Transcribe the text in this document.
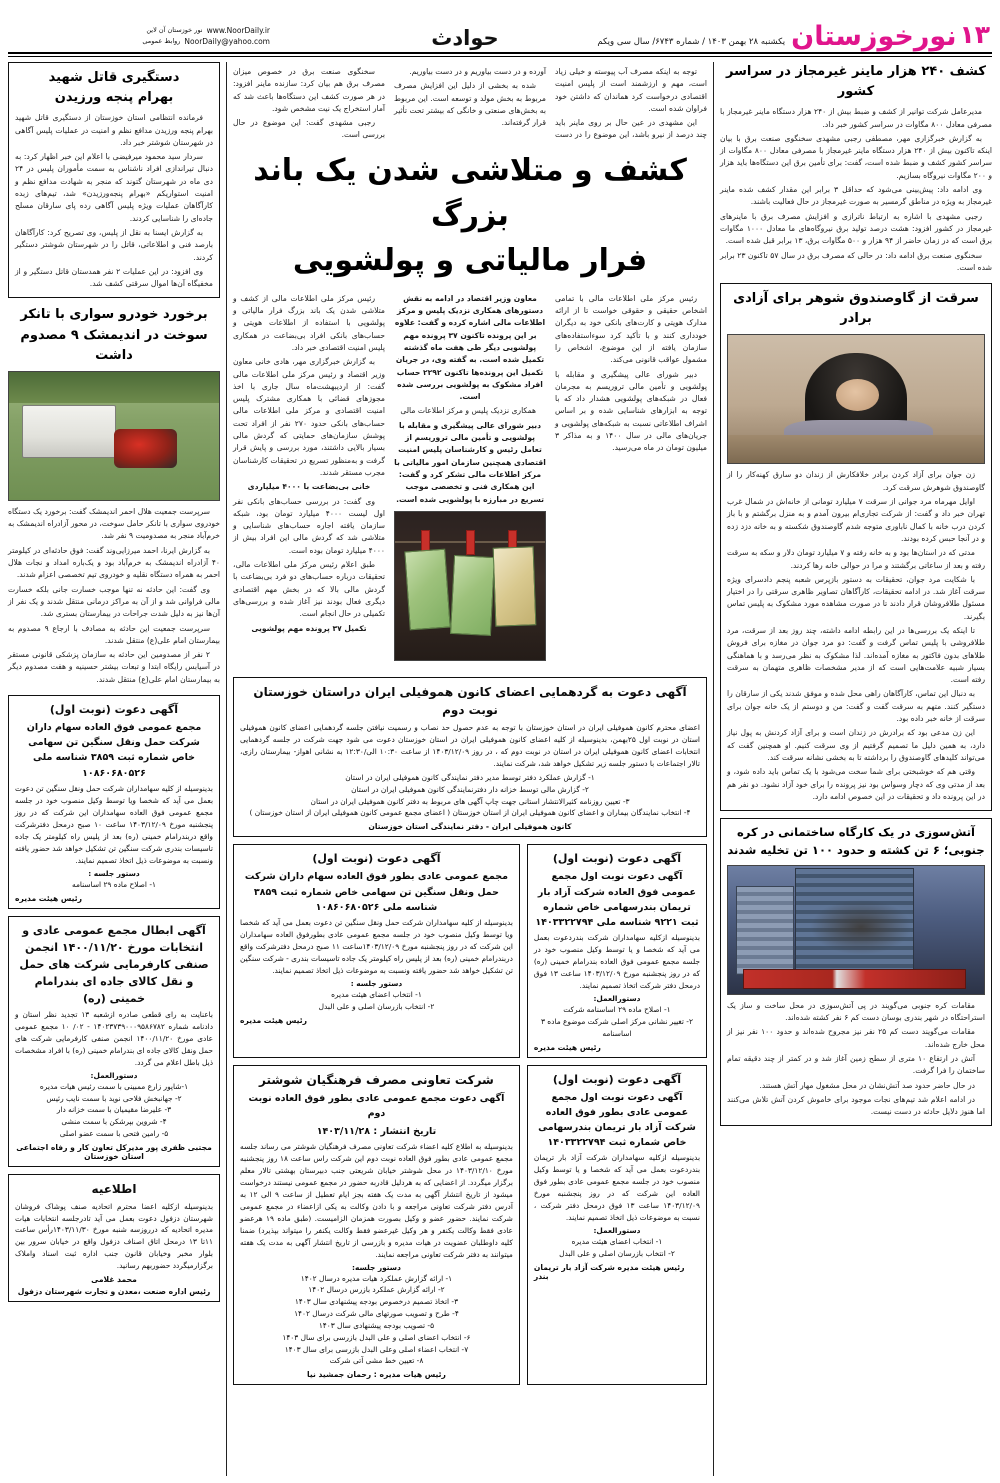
۱۳
نورخوزستان
یکشنبه ۲۸ بهمن ۱۴۰۳ / شماره ۶۷۴۳/ سال سی ویکم
حوادث
نور خوزستان آن لاین www.NoorDaily.ir
روابط عمومی NoorDaily@yahoo.com
کشف ۲۴۰ هزار ماینر غیرمجاز در سراسر کشور

مدیرعامل شرکت توانیر از کشف و ضبط بیش از ۲۴۰ هزار دستگاه ماینر غیرمجاز با مصرفی معادل ۸۰۰ مگاوات در سراسر کشور خبر داد.

به گزارش خبرگزاری مهر، مصطفی رجبی مشهدی سخنگوی صنعت برق با بیان اینکه تاکنون بیش از ۲۴۰ هزار دستگاه ماینر غیرمجاز با مصرفی معادل ۸۰۰ مگاوات از سراسر کشور کشف و ضبط شده است، گفت: برای تأمین برق این دستگاه‌ها باید هزار و ۲۰۰ مگاوات نیروگاه بسازیم.

وی ادامه داد: پیش‌بینی می‌شود که حداقل ۳ برابر این مقدار کشف شده ماینر غیرمجاز به ویژه در مناطق گرمسیر به صورت غیرمجاز در حال فعالیت باشند.

رجبی مشهدی با اشاره به ارتباط ناترازی و افزایش مصرف برق با ماینرهای غیرمجاز در کشور افزود: هشت درصد تولید برق نیروگاه‌های ما معادل ۱۰۰۰ مگاوات برق است که در زمان حاضر از ۹۴ هزار و ۵۰۰ مگاوات برق، ۱۳ برابر قبل شده است.

سخنگوی صنعت برق ادامه داد: در حالی که مصرف برق در سال ۵۷ تاکنون ۲۳ برابر شده است.

سرقت از گاوصندوق شوهر برای آزادی برادر

زن جوان برای آزاد کردن برادر خلافکارش از زندان دو سارق کهنه‌کار را از گاوصندوق شوهرش سرقت کرد.

اوایل مهرماه مرد جوانی از سرقت ۷ میلیارد تومانی از خانه‌اش در شمال غرب تهران خبر داد و گفت: از شرکت تجاری‌ام بیرون آمدم و به منزل برگشتم و با باز کردن درب خانه با کمال ناباوری متوجه شدم گاوصندوق شکسته و به خانه دزد زده و در آنجا حبس کرده بودند.

مدتی که در استان‌ها بود و به خانه رفته و ۷ میلیارد تومان دلار و سکه به سرقت رفته و بعد از ساعاتی برگشتند و مرا در حوالی خانه رها کردند.

با شکایت مرد جوان، تحقیقات به دستور بازپرس شعبه پنجم دادسرای ویژه سرقت آغاز شد. در ادامه تحقیقات، کارآگاهان تصاویر ظاهری سرقتی را در اختیار مسئول طلافروشان قرار دادند تا در صورت مشاهده مورد مشکوک به پلیس تماس بگیرند.

تا اینکه یک بررسی‌ها در این رابطه ادامه داشته، چند روز بعد از سرقت، مرد طلافروشی با پلیس تماس گرفت و گفت: دو مرد جوان در مغازه برای فروش طلاهای بدون فاکتور به مغازه آمده‌اند. لذا مشکوک به نظر می‌رسد و با هماهنگی بسیار شبیه علامت‌هایی است که از مدیر مشخصات ظاهری متهمان به سرقت رفته است.

به دنبال این تماس، کارآگاهان راهی محل شده و موفق شدند یکی از سارقان را دستگیر کنند. متهم به سرقت گفت و گفت: من و دوستم از یک خانه جوان برای سرقت از خانه خبر داده بود.

این زن مدعی بود که برادرش در زندان است و برای آزاد کردنش به پول نیاز دارد، به همین دلیل ما تصمیم گرفتیم از وی سرقت کنیم. او همچنین گفت که می‌تواند کلیدهای گاوصندوق را برداشته تا به بخشی نشانه سرقت کند.

وقتی هم که خوشبختی برای شما سخت می‌شود با یک تماس باید داده شود، و بعد از مدتی وی که دچار وسواس بود نیز پرونده را برای خود آزاد نشود. دو نفر هم در این پرونده داد و تحقیقات در این خصوص ادامه دارد.

آتش‌سوزی در یک کارگاه ساختمانی در کره جنوبی؛ ۶ تن کشته و حدود ۱۰۰ تن تخلیه شدند

مقامات کره جنوبی می‌گویند در پی آتش‌سوزی در محل ساخت و ساز یک استراحتگاه در شهر بندری بوسان دست کم ۶ نفر کشته شده‌اند.

مقامات می‌گویند دست کم ۲۵ نفر نیز مجروح شده‌اند و حدود ۱۰۰ نفر نیز از محل خارج شده‌اند.

آتش در ارتفاع ۱۰ متری از سطح زمین آغاز شد و در کمتر از چند دقیقه تمام ساختمان را فرا گرفت.

در حال حاضر حدود صد آتش‌نشان در محل مشغول مهار آتش هستند.

در ادامه اعلام شد تیم‌های نجات موجود برای خاموش کردن آتش تلاش می‌کنند اما هنوز دلایل حادثه در دست نیست.

توجه به اینکه مصرف آب پیوسته و خیلی زیاد است، مهم و ارزشمند است از پلیس امنیت اقتصادی درخواست کرد هماندان که داشتن خود فراوان شده است.

این مشهدی در عین حال بر روی ماینر باید چند درصد از نیرو باشد، این موضوع را در دست آورده و در دست بیاوریم و در دست بیاوریم.

شده به بخشی از دلیل این افزایش مصرف مربوط به بخش مولد و توسعه است. این مربوط به بخش‌های صنعتی و خانگی که بیشتر تحت تأثیر قرار گرفته‌اند.

سخنگوی صنعت برق در خصوص میزان مصرف برق هم بیان کرد: سازنده ماینر افزود: در هر صورت کشف این دستگاه‌ها باعث شد که آمار استخراج یک نیت مشخص شود.

رجبی مشهدی گفت: این موضوع در حال بررسی است.

کشف و متلاشی شدن یک باند بزرگ
فرار مالیاتی و پولشویی

رئیس مرکز ملی اطلاعات مالی با تمامی اشخاص حقیقی و حقوقی خواست تا از ارائه مدارک هویتی و کارت‌های بانکی خود به دیگران خودداری کنند و با تأکید کرد سوءاستفاده‌های سازمان یافته از این موضوع، اشخاص را مشمول عواقب قانونی می‌کند.

دبیر شورای عالی پیشگیری و مقابله با پولشویی و تأمین مالی تروریسم به مجرمان فعال در شبکه‌های پولشویی هشدار داد که با توجه به ابزارهای شناسایی شده و بر اساس اشراف اطلاعاتی نسبت به شبکه‌های پولشویی و جریان‌های مالی در سال ۱۴۰۰ و به مذاکر ۳ میلیون تومان در ماه می‌رسید.

معاون وزیر اقتصاد در ادامه به نقش دستورهای همکاری نزدیک پلیس و مرکز اطلاعات مالی اشاره کرده و گفت: علاوه بر این پرونده تاکنون ۳۷ پرونده مهم پولشویی دیگر طی هفت ماه گذشته تکمیل شده است. به گفته وی، در جریان تکمیل این پرونده‌ها تاکنون ۲۲۹۲ حساب افراد مشکوک به پولشویی بررسی شده است.

همکاری نزدیک پلیس و مرکز اطلاعات مالی

دبیر شورای عالی پیشگیری و مقابله با پولشویی و تأمین مالی تروریسم از تعامل رئیس و کارشناسان پلیس امنیت اقتصادی همچنین سازمان امور مالیاتی با مرکز اطلاعات مالی تشکر کرد و گفت: این همکاری فنی و تخصصی موجب تسریع در مبارزه با پولشویی شده است.

رئیس مرکز ملی اطلاعات مالی از کشف و متلاشی شدن یک باند بزرگ فرار مالیاتی و پولشویی با استفاده از اطلاعات هویتی و حساب‌های بانکی افراد بی‌بضاعت در همکاری پلیس امنیت اقتصادی خبر داد.

به گزارش خبرگزاری مهر، هادی خانی معاون وزیر اقتصاد و رئیس مرکز ملی اطلاعات مالی گفت: از اردیبهشت‌ماه سال جاری با اخذ مجوزهای قضائی با همکاری مشترک پلیس امنیت اقتصادی و مرکز ملی اطلاعات مالی حساب‌های بانکی حدود ۲۷۰ نفر از افراد تحت پوشش سازمان‌های حمایتی که گردش مالی بسیار بالایی داشتند، مورد بررسی و پایش قرار گرفت و به‌منظور تسریع در تحقیقات کارشناسان مجرب مستقر شدند.

خانی بی‌بضاعت با ۴۰۰۰ میلیاردی

وی گفت: در بررسی حساب‌های بانکی نفر اول لیست ۴۰۰۰ میلیارد تومان بود، شبکه سازمان یافته اجاره حساب‌های شناسایی و متلاشی شد که گردش مالی این افراد بیش از ۴۰۰۰ میلیارد تومان بوده است.

طبق اعلام رئیس مرکز ملی اطلاعات مالی، تحقیقات درباره حساب‌های دو فرد بی‌بضاعت با گردش مالی بالا که در بخش مهم اقتصادی دیگری فعال بودند نیز آغاز شده و بررسی‌های تکمیلی در حال انجام است.

تکمیل ۳۷ پرونده مهم پولشویی

آگهی دعوت به گردهمایی اعضای کانون هموفیلی ایران دراستان خوزستان نوبت دوم

اعضای محترم کانون هموفیلی ایران در استان خوزستان با توجه به عدم حصول حد نصاب و رسمیت نیافتن جلسه گردهمایی اعضای کانون هموفیلی استان در نوبت اول ۲۵بهمن، بدینوسیله از کلیه اعضای کانون هموفیلی ایران در استان خوزستان دعوت می شود جهت شرکت در جلسه گردهمایی انتخابات اعضای کانون هموفیلی ایران در استان در نوبت دوم که ، در روز ۱۴۰۳/۱۲/۰۹ از ساعت ۱۰:۳۰ الی/۱۲:۳۰ به نشانی اهواز- بیمارستان رازی، تالار اجتماعات با دستور جلسه زیر تشکیل خواهد شد، شرکت نمایند.

۱- گزارش عملکرد دفتر توسط مدیر دفتر نمایندگی کانون هموفیلی ایران در استان
۲- گزارش مالی توسط خزانه دار دفترنمایندگی کانون هموفیلی ایران در استان
۳- تعیین روزنامه کثیرالانتشار استانی جهت چاپ آگهی های مربوط به دفتر کانون هموفیلی ایران در استان
۴- انتخاب نمایندگان بیماران و اعضای کانون هموفیلی ایران از استان خوزستان ( اعضای مجمع عمومی کانون هموفیلی ایران از استان خوزستان )
کانون هموفیلی ایران - دفتر نمایندگی استان خوزستان
آگهی دعوت (نوبت اول)
آگهی دعوت نوبت اول مجمع عمومی فوق العاده شرکت آزاد بار تریمان بندرسهامی خاص شماره ثبت ۹۲۲۱ شناسه ملی ۱۴۰۳۳۲۲۷۹۴

بدینوسیله ازکلیه سهامداران شرکت بندردعوت بعمل می آید که شخصا و یا توسط وکیل منصوب خود در جلسه مجمع عمومی فوق العاده بندرامام خمینی (ره) که در روز پنجشنبه مورخ ۱۴۰۳/۱۲/۰۹ ساعت ۱۳ فوق درمحل دفتر شرکت اتخاذ تصمیم نمایند.

دستورالعمل:
۱- اصلاح ماده ۲۹ اساسنامه شرکت
۲- تغییر نشانی مرکز اصلی شرکت موضوع ماده ۳ اساسنامه
رئیس هیئت مدیره
آگهی دعوت (نوبت اول)
مجمع عمومی عادی بطور فوق العاده سهام داران شرکت حمل ونقل سنگین تن سهامی خاص شماره ثبت ۳۸۵۹ شناسه ملی ۱۰۸۶۰۶۸۰۵۲۶

بدینوسیله از کلیه سهامداران شرکت حمل ونقل سنگین تن دعوت بعمل می آید که شخصا ویا توسط وکیل منصوب خود در جلسه مجمع عمومی عادی بطورفوق العاده سهامداران این شرکت که در روز پنجشنبه مورخ ۱۴۰۳/۱۲/۰۹ساعت ۱۱ صبح درمحل دفترشرکت واقع دربندرامام خمینی (ره) بعد از پلیس راه کیلومتر یک جاده تاسیسات بندری - شرکت سنگین تن تشکیل خواهد شد حضور یافته ونسبت به موضوعات ذیل اتخاذ تصمیم نمایند.

دستور جلسه :
۱- انتخاب اعضای هیئت مدیره
۲- انتخاب بازرسان اصلی و علی البدل
رئیس هیئت مدیره
آگهی دعوت (نوبت اول)
آگهی دعوت نوبت اول مجمع عمومی عادی بطور فوق العاده شرکت آزاد بار تریمان بندرسهامی خاص شماره ثبت ۱۴۰۳۳۲۲۷۹۴

بدینوسیله ازکلیه سهامداران شرکت آزاد بار تریمان بندردعوت بعمل می آید که شخصا و یا توسط وکیل منصوب خود در جلسه مجمع عمومی عادی بطور فوق العاده این شرکت که در روز پنجشنبه مورخ ۱۴۰۳/۱۲/۰۹ ساعت ۱۳ فوق درمحل دفتر شرکت ، نسبت به موضوعات ذیل اتخاذ تصمیم نمایند.

دستورالعمل:
۱- انتخاب اعضای هیئت مدیره
۲- انتخاب بازرسان اصلی و علی البدل
رئیس هیئت مدیره شرکت آزاد بار تریمان بندر
شرکت تعاونی مصرف فرهنگیان شوشتر
آگهی دعوت مجمع عمومی عادی بطور فوق العاده نوبت دوم
تاریخ انتشار : ۱۴۰۳/۱۱/۲۸

بدینوسیله به اطلاع کلیه اعضاء شرکت تعاونی مصرف فرهنگیان شوشتر می رساند جلسه مجمع عمومی عادی بطور فوق العاده نوبت دوم این شرکت راس ساعت ۱۸ روز پنجشنبه مورخ ۱۴۰۳/۱۲/۱۰ در محل شوشتر خیابان شریعتی جنب دبیرستان بهشتی تالار معلم برگزار میگردد. از اعضایی که به هردلیل قادربه حضور در مجمع عمومی نیستند درخواست میشود از تاریخ انتشار آگهی به مدت یک هفته بجز ایام تعطیل از ساعت ۹ الی ۱۲ به آدرس دفتر شرکت تعاونی مراجعه و با دادن وکالت به یکی ازاعضاء در مجمع عمومی شرکت نمایند. حضور عضو و وکیل بصورت همزمان الزامیست. (طبق ماده ۱۹ هرعضو عادی فقط وکالت یکنفر و هر وکیل غیرعضو فقط وکالت یکنفر را میتواند بپذیرد) ضمنا کلیه داوطلبان عضویت در هیات مدیره و بازرسی از تاریخ انتشار آگهی به مدت یک هفته میتوانند به دفتر شرکت تعاونی مراجعه نمایند.

دستور جلسه:
۱- ارائه گزارش عملکرد هیات مدیره درسال ۱۴۰۲
۲- ارائه گزارش عملکرد بازرس درسال ۱۴۰۲
۳- اتخاذ تصمیم درخصوص بودجه پیشنهادی سال ۱۴۰۳
۴- طرح و تصویب صورتهای مالی شرکت درسال ۱۴۰۲
۵- تصویب بودجه پیشنهادی سال ۱۴۰۳
۶- انتخاب اعضای اصلی و علی البدل بازرسی برای سال ۱۴۰۳
۷- انتخاب اعضاء اصلی وعلی البدل بازرسی برای سال ۱۴۰۳
۸- تعیین خط مشی آتی شرکت
رئیس هیات مدیره : رحمان جمشید نیا
دستگیری قاتل شهید
بهرام پنجه ورزیدن

فرمانده انتظامی استان خوزستان از دستگیری قاتل شهید بهرام پنجه ورزیدن مدافع نظم و امنیت در عملیات پلیس آگاهی در شهرستان شوشتر خبر داد.

سردار سید محمود میرفیضی با اعلام این خبر اظهار کرد: به دنبال تیراندازی افراد ناشناس به سمت مأموران پلیس در ۲۴ دی ماه در شهرستان گتوند که منجر به شهادت مدافع نظم و امنیت استواریکم «بهرام پنجه‌ورزیدن» شد، تیم‌های زبده کارآگاهان عملیات ویژه پلیس آگاهی رده پای سارقان مسلح جاده‌ای را شناسایی کردند.

به گزارش ایسنا به نقل از پلیس، وی تصریح کرد: کارآگاهان بارصد فنی و اطلاعاتی، قاتل را در شهرستان شوشتر دستگیر کردند.

وی افزود: در این عملیات ۲ نفر همدستان قاتل دستگیر و از مخفیگاه آن‌ها اموال سرقتی کشف شد.

برخورد خودرو سواری با تانکر سوخت در اندیمشک ۹ مصدوم داشت

سرپرست جمعیت هلال احمر اندیمشک گفت: برخورد یک دستگاه خودروی سواری با تانکر حامل سوخت، در محور آزادراه اندیمشک به خرم‌آباد منجر به مصدومیت ۹ نفر شد.

به گزارش ایرنا، احمد میرزایی‌وند گفت: فوق حادثه‌ای در کیلومتر ۴۰ آزادراه اندیمشک به خرم‌آباد بود و یک‌باره امداد و نجات هلال احمر به همراه دستگاه نقلیه و خودروی تیم تخصصی اعزام شدند.

وی گفت: این حادثه نه تنها موجب خسارت جانی بلکه خسارت مالی فراوانی شد و از آن به مراکز درمانی منتقل شدند و یک نفر از آن‌ها نیز به دلیل شدت جراحات در بیمارستان بستری شد.

سرپرست جمعیت این حادثه به مصادف با ارجاع ۹ مصدوم به بیمارستان امام علی(ع) منتقل شدند.

۲ نفر از مصدومین این حادثه به سازمان پزشکی قانونی مستقر در آسیابس رایگاه ابتدا و تبعات بیشتر حسینیه و هفت مصدوم دیگر به بیمارستان امام علی(ع) منتقل شدند.

آگهی دعوت (نوبت اول)
مجمع عمومی فوق العاده سهام داران شرکت حمل ونقل سنگین تن سهامی خاص شماره ثبت ۳۸۵۹ شناسه ملی ۱۰۸۶۰۶۸۰۵۲۶

بدینوسیله از کلیه سهامداران شرکت حمل ونقل سنگین تن دعوت بعمل می آید که شخصا ویا توسط وکیل منصوب خود در جلسه مجمع عمومی فوق العاده سهامداران این شرکت که در روز پنجشنبه مورخ ۱۴۰۳/۱۲/۰۹ ساعت ۱۰ صبح درمحل دفترشرکت واقع دربندرامام خمینی (ره) بعد از پلیس راه کیلومتر یک جاده تاسیسات بندری شرکت سنگین تن تشکیل خواهد شد حضور یافته ونسبت به موضوعات ذیل اتخاذ تصمیم نمایند.

دستور جلسه :
۱- اصلاح ماده ۲۹ اساسنامه
رئیس هیئت مدیره
آگهی ابطال مجمع عمومی عادی و انتخابات مورخ ۱۴۰۰/۱۱/۲۰ انجمن صنفی کارفرمایی شرکت های حمل و نقل کالای جاده ای بندرامام خمینی (ره)

باعنایت به رای قطعی صادره ازشعبه ۱۳ تجدید نظر استان و دادنامه شماره ۱۴۰۲۳۷۳۹۰۰۰۹۵۸۶۷۸۲ - ۰۲/ ۱۰ مجمع عمومی عادی مورخ ۱۴۰۰/۱۱/۲۰ انجمن صنفی کارفرمایی شرکت های حمل ونقل کالای جاده ای بندرامام خمینی (ره) با افراد مشخصات ذیل باطل اعلام می گردد.

دستورالعمل:
۱-شاپور زارع ممبینی با سمت رئیس هیات مدیره
۲- جهانبخش فلاحی نوید با سمت نایب رئیس
۳- علیرضا مقیمیان با سمت خزانه دار
۴- شروین بپرشکن با سمت منشی
۵- رامین فتحی با سمت عضو اصلی
مجتبی ظفری پور مدیرکل تعاون کار و رفاه اجتماعی استان خوزستان
اطلاعیه

بدینوسیله ازکلیه اعضا محترم اتحادیه صنف پوشاک فروشان شهرستان دزفول دعوت بعمل می آید تادرجلسه انتخابات هیات مدیره اتحادیه که درروزسه شنبه مورخ ۱۴۰۳/۱۱/۳۰رأس ساعت ۱۱تا ۱۳ درمحل اتاق اصناف دزفول واقع در خیابان سرور بین بلوار مخبر وخیابان قانون جنب اداره ثبت اسناد واملاک برگزارمیگردد حضوربهم رسانید.

محمد غلامی
رئیس اداره صنعت ،معدن و تجارت شهرستان دزفول
